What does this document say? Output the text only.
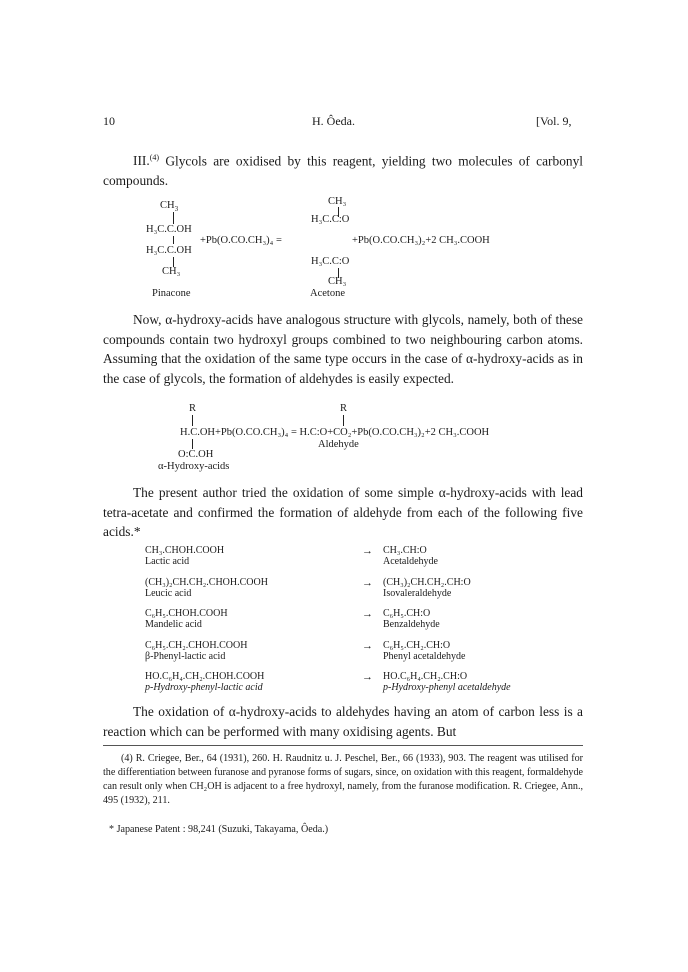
10	H. Ôeda.	[Vol. 9,
III.$^{(4)}$ Glycols are oxidised by this reagent, yielding two molecules of carbonyl compounds.
$CH_3$
H₃C.C.OH
+Pb(O.CO.CH₃)₄ =
H₃C.C.OH
CH₃
Pinacone
CH₃
H₃C.C:O
+Pb(O.CO.CH₃)₂+2 CH₃.COOH
H₃C.C:O
CH₃
Acetone
Now, α-hydroxy-acids have analogous structure with glycols, namely, both of these compounds contain two hydroxyl groups combined to two neighbouring carbon atoms. Assuming that the oxidation of the same type occurs in the case of α-hydroxy-acids as in the case of glycols, the formation of aldehydes is easily expected.
R	R
H.C.OH+Pb(O.CO.CH₃)₄ = H.C:O+CO₂+Pb(O.CO.CH₃)₂+2 CH₃.COOH
Aldehyde
O:C.OH
α-Hydroxy-acids
The present author tried the oxidation of some simple α-hydroxy-acids with lead tetra-acetate and confirmed the formation of aldehyde from each of the following five acids.*
CH₃.CHOH.COOH
Lactic acid
→ CH₃.CH:O
Acetaldehyde
(CH₃)₂CH.CH₂.CHOH.COOH
Leucic acid
→ (CH₃)₂CH.CH₂.CH:O
Isovaleraldehyde
C₆H₅.CHOH.COOH
Mandelic acid
→ C₆H₅.CH:O
Benzaldehyde
C₆H₅.CH₂.CHOH.COOH
β-Phenyl-lactic acid
→ C₆H₅.CH₂.CH:O
Phenyl acetaldehyde
HO.C₆H₄.CH₂.CHOH.COOH
p-Hydroxy-phenyl-lactic acid
→ HO.C₆H₄.CH₂.CH:O
p-Hydroxy-phenyl acetaldehyde
The oxidation of α-hydroxy-acids to aldehydes having an atom of carbon less is a reaction which can be performed with many oxidising agents. But
(4) R. Criegee, Ber., 64 (1931), 260. H. Raudnitz u. J. Peschel, Ber., 66 (1933), 903. The reagent was utilised for the differentiation between furanose and pyranose forms of sugars, since, on oxidation with this reagent, formaldehyde can result only when CH₂OH is adjacent to a free hydroxyl, namely, from the furanose modification. R. Criegee, Ann., 495 (1932), 211.
* Japanese Patent : 98,241 (Suzuki, Takayama, Ôeda.)
